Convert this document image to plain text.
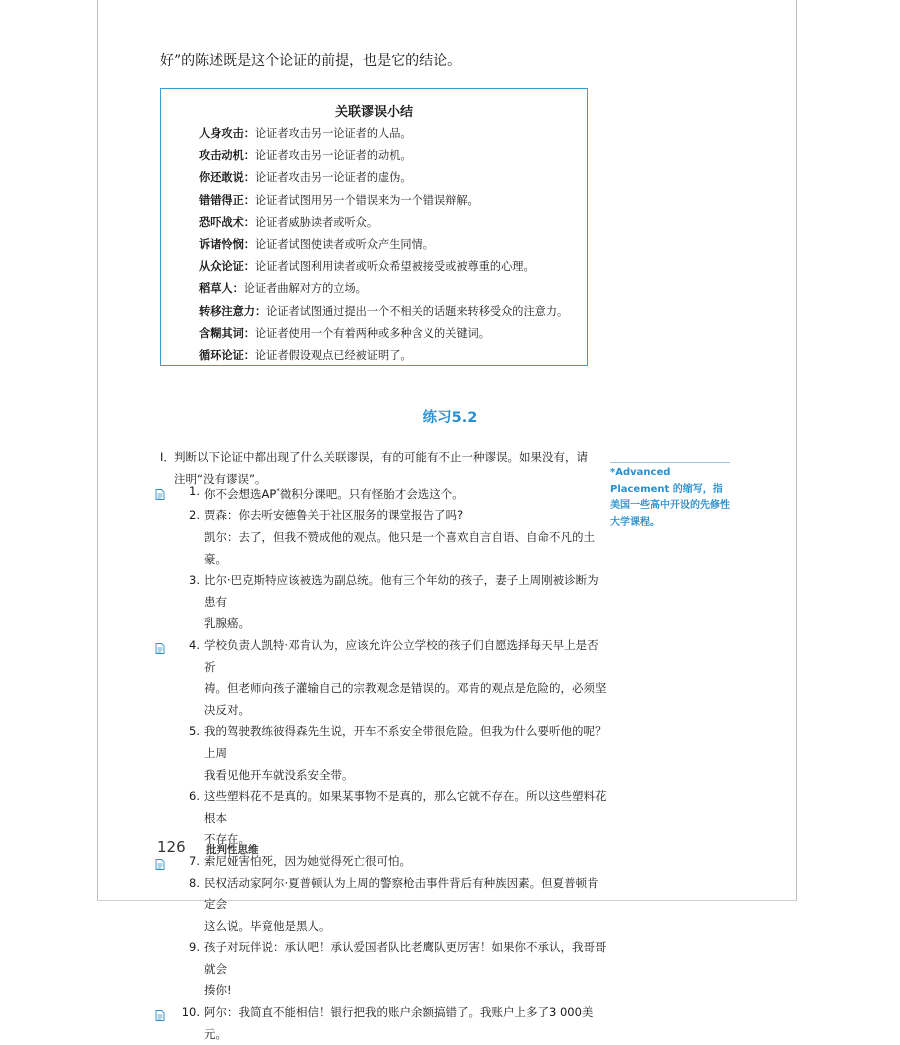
好”的陈述既是这个论证的前提，也是它的结论。
关联谬误小结
人身攻击：论证者攻击另一论证者的人品。
攻击动机：论证者攻击另一论证者的动机。
你还敢说：论证者攻击另一论证者的虚伪。
错错得正：论证者试图用另一个错误来为一个错误辩解。
恐吓战术：论证者威胁读者或听众。
诉诸怜悯：论证者试图使读者或听众产生同情。
从众论证：论证者试图利用读者或听众希望被接受或被尊重的心理。
稻草人：论证者曲解对方的立场。
转移注意力：论证者试图通过提出一个不相关的话题来转移受众的注意力。
含糊其词：论证者使用一个有着两种或多种含义的关键词。
循环论证：论证者假设观点已经被证明了。
练习5.2
I． 判断以下论证中都出现了什么关联谬误，有的可能有不止一种谬误。如果没有，请注明“没有谬误”。
1. 你不会想选AP*微积分课吧。只有怪胎才会选这个。
2. 贾森：你去听安德鲁关于社区服务的课堂报告了吗?
凯尔：去了，但我不赞成他的观点。他只是一个喜欢自言自语、自命不凡的土豪。
3. 比尔·巴克斯特应该被选为副总统。他有三个年幼的孩子，妻子上周刚被诊断为患有
乳腺癌。
4. 学校负责人凯特·邓肯认为，应该允许公立学校的孩子们自愿选择每天早上是否祈
祷。但老师向孩子灌输自己的宗教观念是错误的。邓肯的观点是危险的，必须坚决反对。
5. 我的驾驶教练彼得森先生说，开车不系安全带很危险。但我为什么要听他的呢？上周
我看见他开车就没系安全带。
6. 这些塑料花不是真的。如果某事物不是真的，那么它就不存在。所以这些塑料花根本
不存在。
7. 索尼娅害怕死，因为她觉得死亡很可怕。
8. 民权活动家阿尔·夏普顿认为上周的警察枪击事件背后有种族因素。但夏普顿肯定会
这么说。毕竟他是黑人。
9. 孩子对玩伴说：承认吧！承认爱国者队比老鹰队更厉害！如果你不承认，我哥哥就会
揍你!
10. 阿尔：我简直不能相信！银行把我的账户余额搞错了。我账户上多了3 000美元。
*Advanced Placement 的缩写，指美国一些高中开设的先修性大学课程。
126 批判性思维
